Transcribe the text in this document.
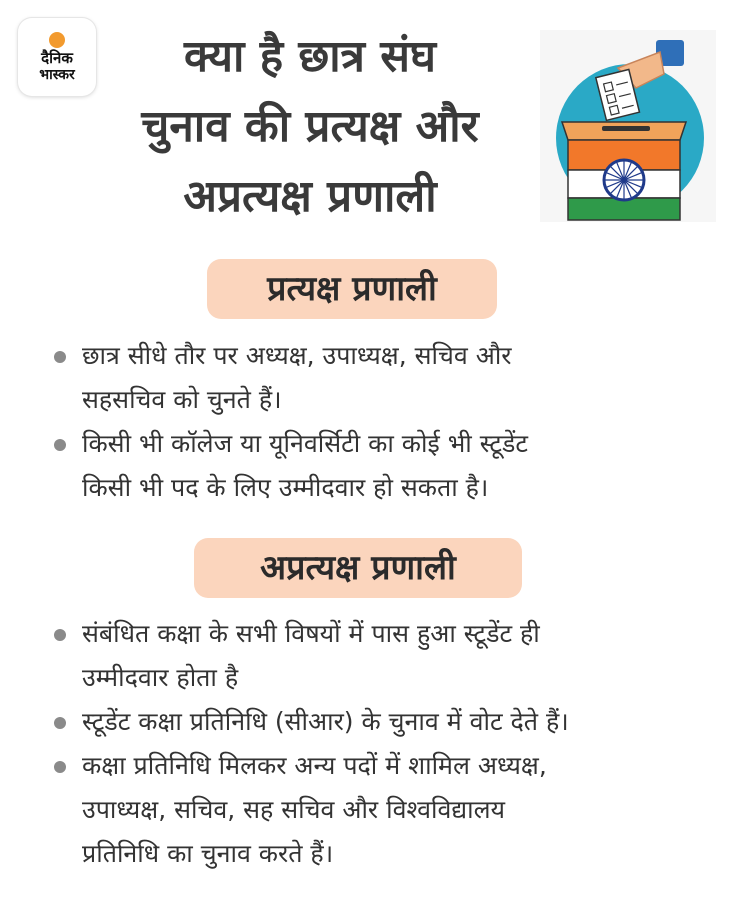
दैनिक
भास्कर	क्या है छात्र संघ
चुनाव की प्रत्यक्ष और
अप्रत्यक्ष प्रणाली
प्रत्यक्ष प्रणाली
छात्र सीधे तौर पर अध्यक्ष, उपाध्यक्ष, सचिव और
सहसचिव को चुनते हैं।
किसी भी कॉलेज या यूनिवर्सिटी का कोई भी स्टूडेंट
किसी भी पद के लिए उम्मीदवार हो सकता है।
अप्रत्यक्ष प्रणाली
संबंधित कक्षा के सभी विषयों में पास हुआ स्टूडेंट ही
उम्मीदवार होता है
स्टूडेंट कक्षा प्रतिनिधि (सीआर) के चुनाव में वोट देते हैं।
कक्षा प्रतिनिधि मिलकर अन्य पदों में शामिल अध्यक्ष,
उपाध्यक्ष, सचिव, सह सचिव और विश्वविद्यालय
प्रतिनिधि का चुनाव करते हैं।
